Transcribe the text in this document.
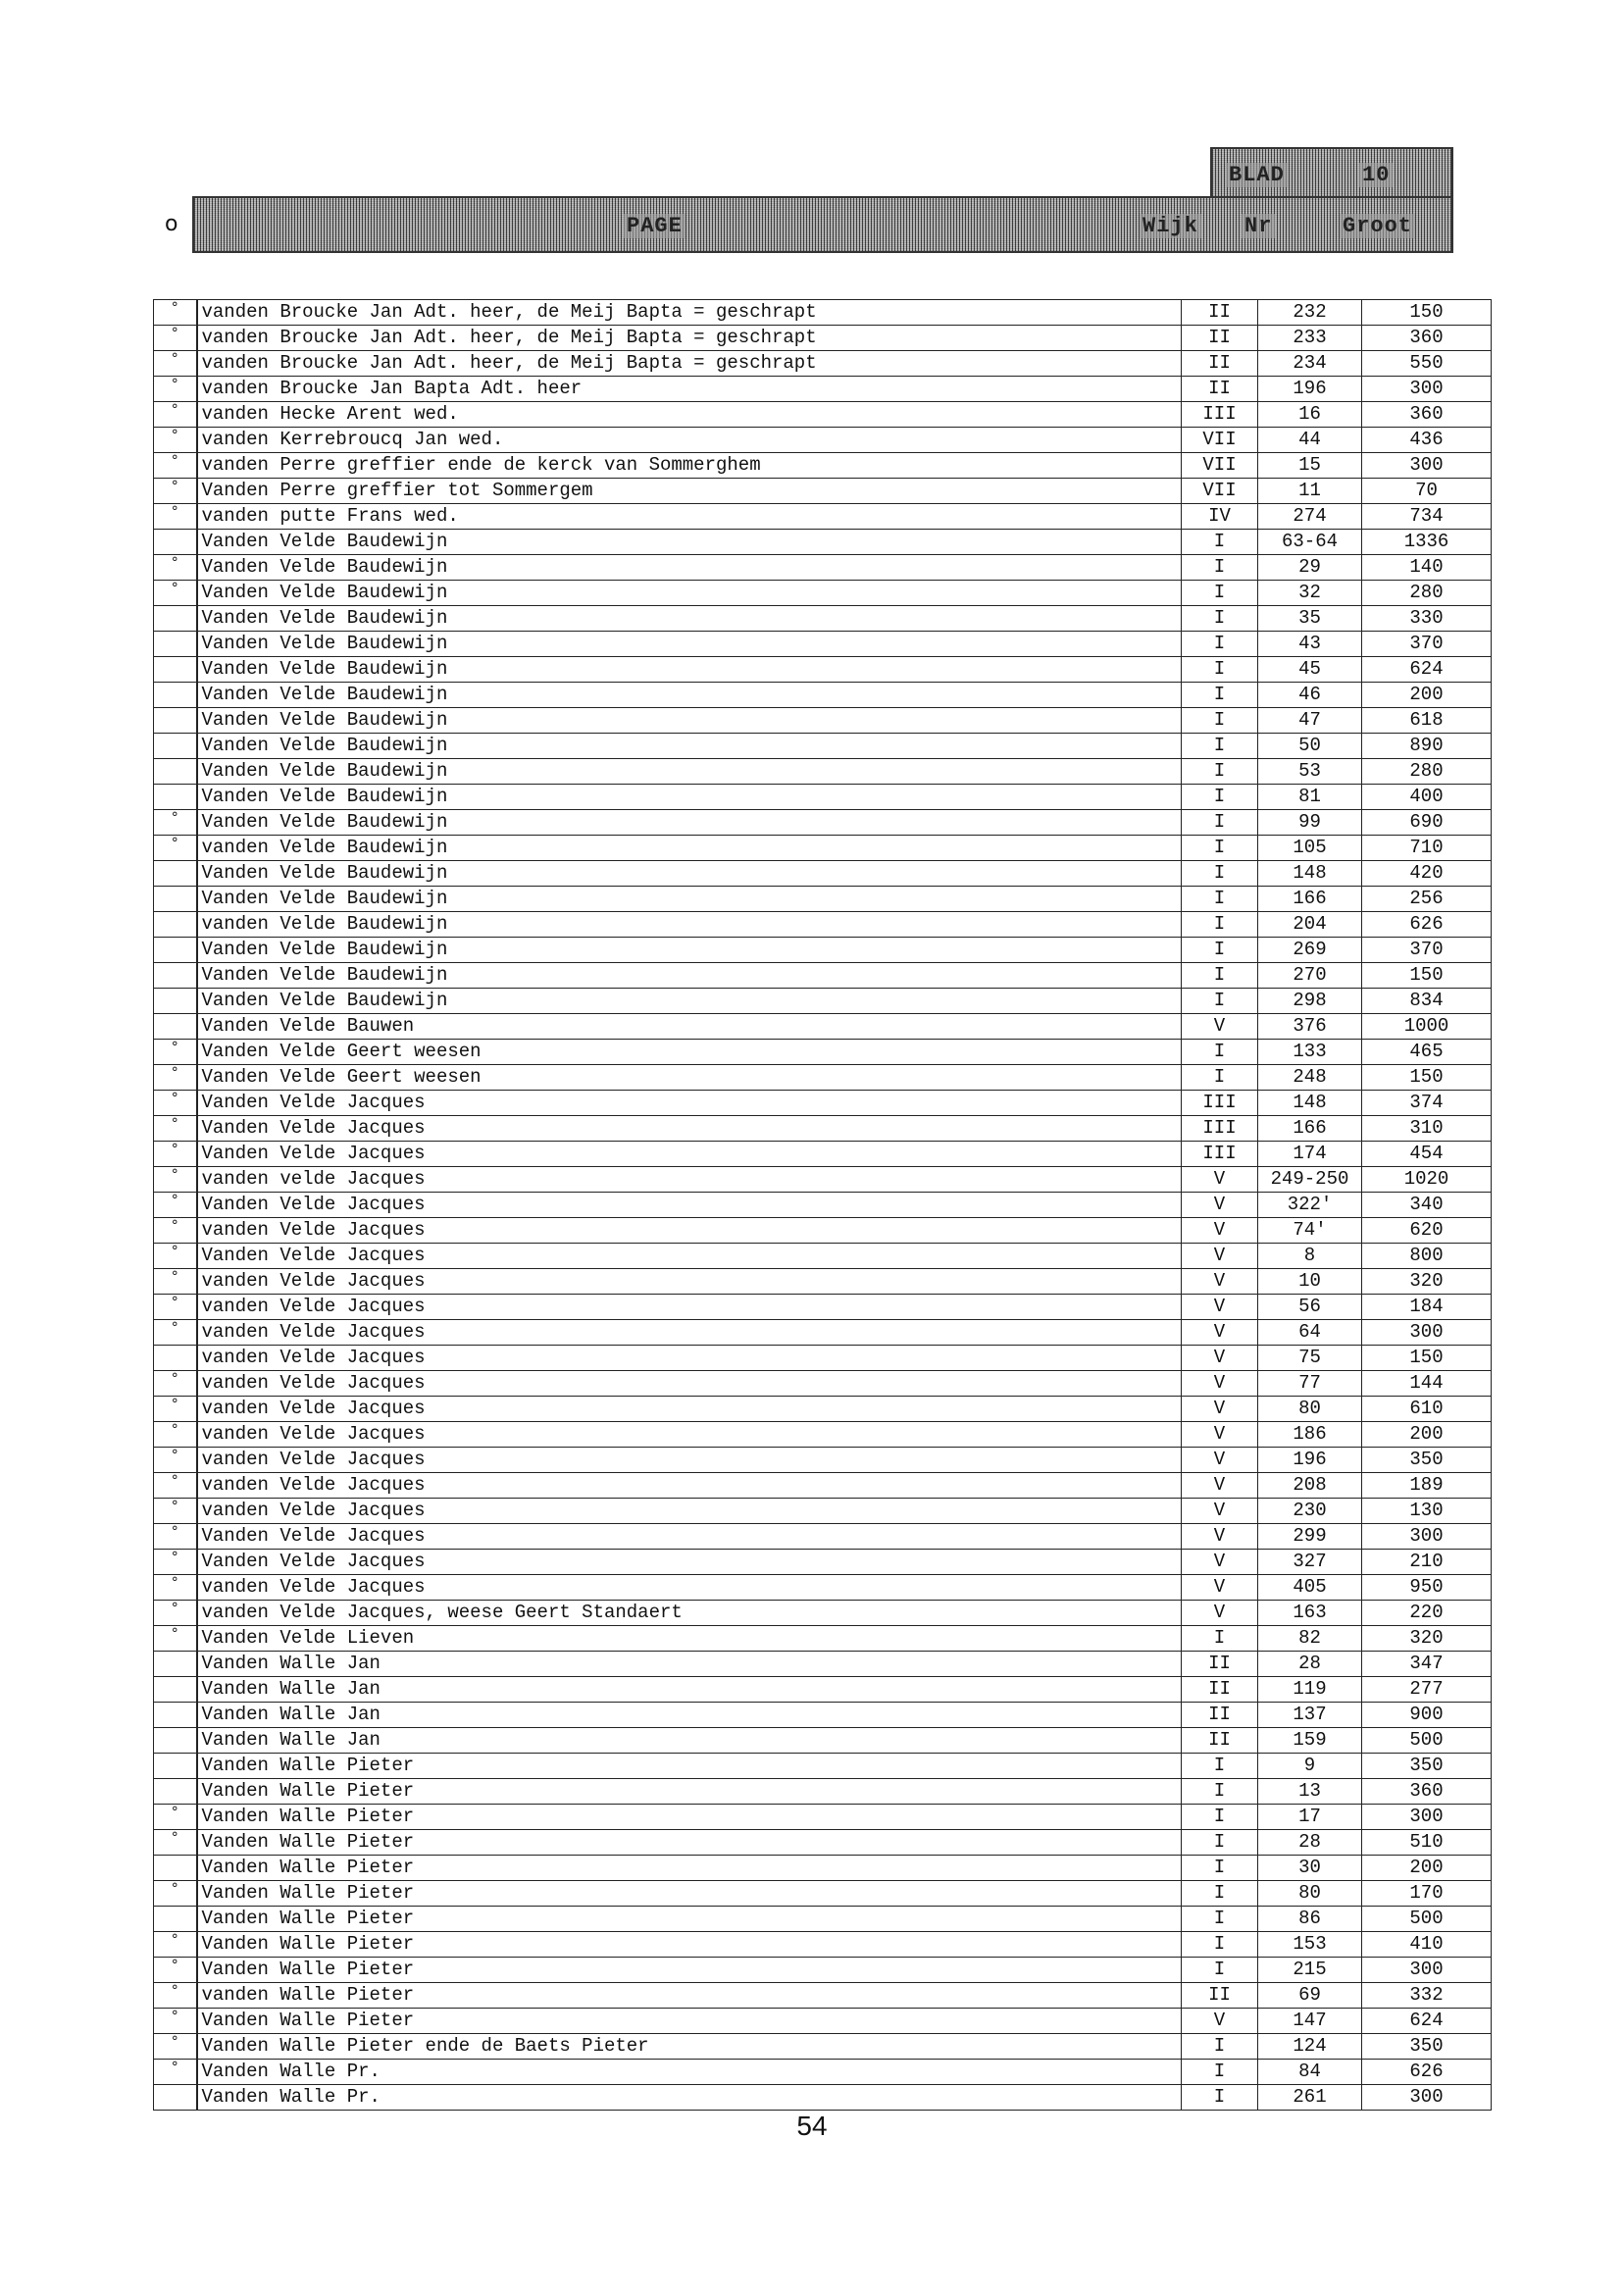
o
BLAD	10
PAGE	Wijk Nr	Groot
°	vanden Broucke Jan Adt. heer, de Meij Bapta = geschrapt	II	232	150
°	vanden Broucke Jan Adt. heer, de Meij Bapta = geschrapt	II	233	360
°	vanden Broucke Jan Adt. heer, de Meij Bapta = geschrapt	II	234	550
°	vanden Broucke Jan Bapta Adt. heer	II	196	300
°	vanden Hecke Arent wed.	III	16	360
°	vanden Kerrebroucq Jan wed.	VII	44	436
°	vanden Perre greffier ende de kerck van Sommerghem	VII	15	300
°	Vanden Perre greffier tot Sommergem	VII	11	70
°	vanden putte Frans wed.	IV	274	734
	Vanden Velde Baudewijn	I	63-64	1336
°	Vanden Velde Baudewijn	I	29	140
°	Vanden Velde Baudewijn	I	32	280
	Vanden Velde Baudewijn	I	35	330
	Vanden Velde Baudewijn	I	43	370
	Vanden Velde Baudewijn	I	45	624
	Vanden Velde Baudewijn	I	46	200
	Vanden Velde Baudewijn	I	47	618
	Vanden Velde Baudewijn	I	50	890
	Vanden Velde Baudewijn	I	53	280
	Vanden Velde Baudewijn	I	81	400
°	Vanden Velde Baudewijn	I	99	690
°	vanden Velde Baudewijn	I	105	710
	Vanden Velde Baudewijn	I	148	420
	Vanden Velde Baudewijn	I	166	256
	vanden Velde Baudewijn	I	204	626
	Vanden Velde Baudewijn	I	269	370
	Vanden Velde Baudewijn	I	270	150
	Vanden Velde Baudewijn	I	298	834
	Vanden Velde Bauwen	V	376	1000
°	Vanden Velde Geert weesen	I	133	465
°	Vanden Velde Geert weesen	I	248	150
°	Vanden Velde Jacques	III	148	374
°	Vanden Velde Jacques	III	166	310
°	Vanden Velde Jacques	III	174	454
°	vanden velde Jacques	V	249-250	1020
°	Vanden Velde Jacques	V	322'	340
°	vanden Velde Jacques	V	74'	620
°	Vanden Velde Jacques	V	8	800
°	vanden Velde Jacques	V	10	320
°	vanden Velde Jacques	V	56	184
°	vanden Velde Jacques	V	64	300
	vanden Velde Jacques	V	75	150
°	vanden Velde Jacques	V	77	144
°	vanden Velde Jacques	V	80	610
°	vanden Velde Jacques	V	186	200
°	vanden Velde Jacques	V	196	350
°	vanden Velde Jacques	V	208	189
°	vanden Velde Jacques	V	230	130
°	Vanden Velde Jacques	V	299	300
°	Vanden Velde Jacques	V	327	210
°	vanden Velde Jacques	V	405	950
°	vanden Velde Jacques, weese Geert Standaert	V	163	220
°	Vanden Velde Lieven	I	82	320
	Vanden Walle Jan	II	28	347
	Vanden Walle Jan	II	119	277
	Vanden Walle Jan	II	137	900
	Vanden Walle Jan	II	159	500
	Vanden Walle Pieter	I	9	350
	Vanden Walle Pieter	I	13	360
°	Vanden Walle Pieter	I	17	300
°	Vanden Walle Pieter	I	28	510
	Vanden Walle Pieter	I	30	200
°	Vanden Walle Pieter	I	80	170
	Vanden Walle Pieter	I	86	500
°	Vanden Walle Pieter	I	153	410
°	Vanden Walle Pieter	I	215	300
°	vanden Walle Pieter	II	69	332
°	Vanden Walle Pieter	V	147	624
°	Vanden Walle Pieter ende de Baets Pieter	I	124	350
°	Vanden Walle Pr.	I	84	626
	Vanden Walle Pr.	I	261	300
54
